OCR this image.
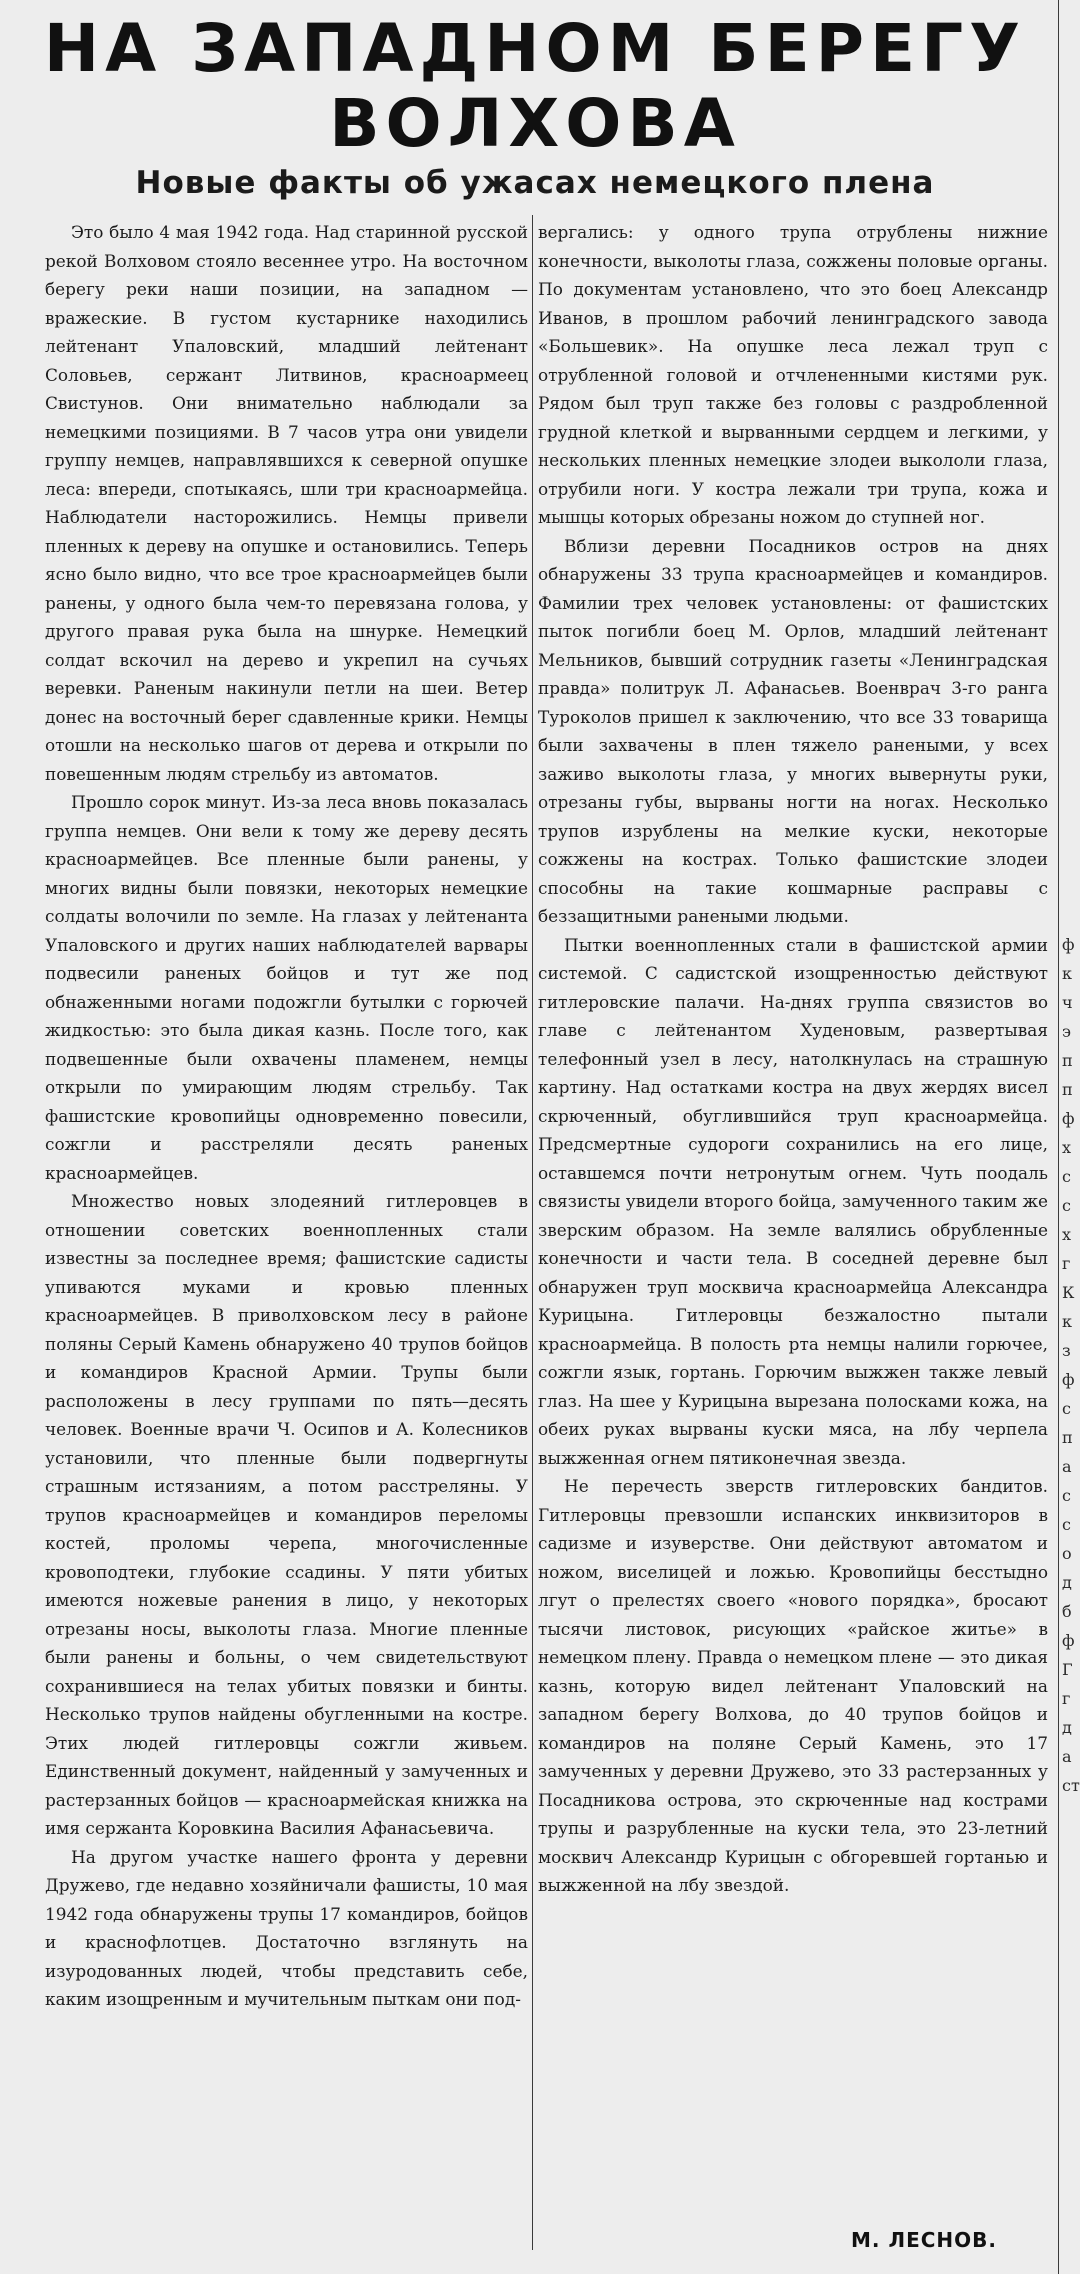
НА ЗАПАДНОМ БЕРЕГУ
ВОЛХОВА
Новые факты об ужасах немецкого плена

Это было 4 мая 1942 года. Над старинной русской рекой Волховом стояло весеннее утро. На восточном берегу реки наши позиции, на западном — вражеские. В густом кустарнике находились лейтенант Упаловский, младший лейтенант Соловьев, сержант Литвинов, красноармеец Свистунов. Они внимательно наблюдали за немецкими позициями. В 7 часов утра они увидели группу немцев, направлявшихся к северной опушке леса: впереди, спотыкаясь, шли три красноармейца. Наблюдатели насторожились. Немцы привели пленных к дереву на опушке и остановились. Теперь ясно было видно, что все трое красноармейцев были ранены, у одного была чем-то перевязана голова, у другого правая рука была на шнурке. Немецкий солдат вскочил на дерево и укрепил на сучьях веревки. Раненым накинули петли на шеи. Ветер донес на восточный берег сдавленные крики. Немцы отошли на несколько шагов от дерева и открыли по повешенным людям стрельбу из автоматов.

Прошло сорок минут. Из-за леса вновь показалась группа немцев. Они вели к тому же дереву десять красноармейцев. Все пленные были ранены, у многих видны были повязки, некоторых немецкие солдаты волочили по земле. На глазах у лейтенанта Упаловского и других наших наблюдателей варвары подвесили раненых бойцов и тут же под обнаженными ногами подожгли бутылки с горючей жидкостью: это была дикая казнь. После того, как подвешенные были охвачены пламенем, немцы открыли по умирающим людям стрельбу. Так фашистские кровопийцы одновременно повесили, сожгли и расстреляли десять раненых красноармейцев.

Множество новых злодеяний гитлеровцев в отношении советских военнопленных стали известны за последнее время; фашистские садисты упиваются муками и кровью пленных красноармейцев. В приволховском лесу в районе поляны Серый Камень обнаружено 40 трупов бойцов и командиров Красной Армии. Трупы были расположены в лесу группами по пять—десять человек. Военные врачи Ч. Осипов и А. Колесников установили, что пленные были подвергнуты страшным истязаниям, а потом расстреляны. У трупов красноармейцев и командиров переломы костей, проломы черепа, многочисленные кровоподтеки, глубокие ссадины. У пяти убитых имеются ножевые ранения в лицо, у некоторых отрезаны носы, выколоты глаза. Многие пленные были ранены и больны, о чем свидетельствуют сохранившиеся на телах убитых повязки и бинты. Несколько трупов найдены обугленными на костре. Этих людей гитлеровцы сожгли живьем. Единственный документ, найденный у замученных и растерзанных бойцов — красноармейская книжка на имя сержанта Коровкина Василия Афанасьевича.

На другом участке нашего фронта у деревни Дружево, где недавно хозяйничали фашисты, 10 мая 1942 года обнаружены трупы 17 командиров, бойцов и краснофлотцев. Достаточно взглянуть на изуродованных людей, чтобы представить себе, каким изощренным и мучительным пыткам они под-

вергались: у одного трупа отрублены нижние конечности, выколоты глаза, сожжены половые органы. По документам установлено, что это боец Александр Иванов, в прошлом рабочий ленинградского завода «Большевик». На опушке леса лежал труп с отрубленной головой и отчлененными кистями рук. Рядом был труп также без головы с раздробленной грудной клеткой и вырванными сердцем и легкими, у нескольких пленных немецкие злодеи выкололи глаза, отрубили ноги. У костра лежали три трупа, кожа и мышцы которых обрезаны ножом до ступней ног.

Вблизи деревни Посадников остров на днях обнаружены 33 трупа красноармейцев и командиров. Фамилии трех человек установлены: от фашистских пыток погибли боец М. Орлов, младший лейтенант Мельников, бывший сотрудник газеты «Ленинградская правда» политрук Л. Афанасьев. Военврач 3-го ранга Туроколов пришел к заключению, что все 33 товарища были захвачены в плен тяжело ранеными, у всех заживо выколоты глаза, у многих вывернуты руки, отрезаны губы, вырваны ногти на ногах. Несколько трупов изрублены на мелкие куски, некоторые сожжены на кострах. Только фашистские злодеи способны на такие кошмарные расправы с беззащитными ранеными людьми.

Пытки военнопленных стали в фашистской армии системой. С садистской изощренностью действуют гитлеровские палачи. На-днях группа связистов во главе с лейтенантом Худеновым, развертывая телефонный узел в лесу, натолкнулась на страшную картину. Над остатками костра на двух жердях висел скрюченный, обуглившийся труп красноармейца. Предсмертные судороги сохранились на его лице, оставшемся почти нетронутым огнем. Чуть поодаль связисты увидели второго бойца, замученного таким же зверским образом. На земле валялись обрубленные конечности и части тела. В соседней деревне был обнаружен труп москвича красноармейца Александра Курицына. Гитлеровцы безжалостно пытали красноармейца. В полость рта немцы налили горючее, сожгли язык, гортань. Горючим выжжен также левый глаз. На шее у Курицына вырезана полосками кожа, на обеих руках вырваны куски мяса, на лбу черпела выжженная огнем пятиконечная звезда.

Не перечесть зверств гитлеровских бандитов. Гитлеровцы превзошли испанских инквизиторов в садизме и изуверстве. Они действуют автоматом и ножом, виселицей и ложью. Кровопийцы бесстыдно лгут о прелестях своего «нового порядка», бросают тысячи листовок, рисующих «райское житье» в немецком плену. Правда о немецком плене — это дикая казнь, которую видел лейтенант Упаловский на западном берегу Волхова, до 40 трупов бойцов и командиров на поляне Серый Камень, это 17 замученных у деревни Дружево, это 33 растерзанных у Посадникова острова, это скрюченные над кострами трупы и разрубленные на куски тела, это 23-летний москвич Александр Курицын с обгоревшей гортанью и выжженной на лбу звездой.

М. ЛЕСНОВ.
ф
к
ч
э
п
п
ф
х
с
с
х
г
К
к
з
ф
с
п
а
с
с
о
д
б
ф
Г
г
д
а
ст
